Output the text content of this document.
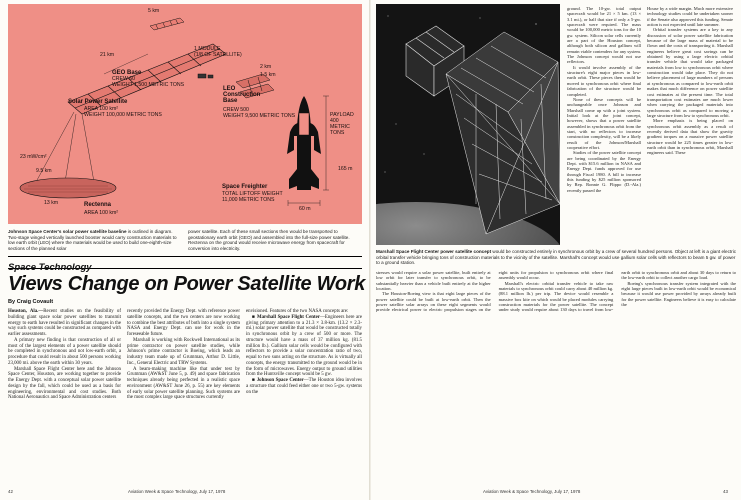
5 km
21 km
1 MODULE
(1/8 OF SATELLITE)
GEO Base
CREW 60
WEIGHT 1,500 METRIC TONS
2 km
1.5 km
LEO
Construction
Base
CREW 500
WEIGHT 9,500 METRIC TONS
Solar Power Satellite
AREA 100 km²
WEIGHT 100,000 METRIC TONS	PAYLOAD
400
METRIC
TONS
165 m
60 m
Space Freighter
TOTAL LIFTOFF WEIGHT
11,000 METRIC TONS
23 mW/cm²
9.5 km
13 km	Rectenna
AREA 100 km²
Johnson Space Center's solar power satellite baseline is outlined in diagram. Two-stage winged vertically launched booster would carry construction materials to low earth orbit (LEO) where the materials would be used to build one-eighth-size sections of the planned solar
power satellite. Each of these small sections then would be transported to geostationary earth orbit (GEO) and assembled into the full-size power satellite. Rectenna on the ground would receive microwave energy from spacecraft for conversion into electricity.
Space Technology
Views Change on Power Satellite Work
By Craig Covault

Houston, Ala.—Recent studies on the feasibility of building giant space solar power satellites to transmit energy to earth have resulted in significant changes in the way such systems could be constructed as compared with earlier assessments.

A primary new finding is that construction of all or most of the largest elements of a power satellite should be completed in synchronous and not low-earth orbit, a procedure that could result in about 500 persons working 23,000 mi. above the earth within 30 years.

Marshall Space Flight Center here and the Johnson Space Center, Houston, are working together to provide the Energy Dept. with a conceptual solar power satellite design by the fall, which could be used as a basis for engineering, environmental and cost studies. Both National Aeronautics and Space Administration centers

recently provided the Energy Dept. with reference power satellite concepts, and the two centers are now working to combine the best attributes of both into a single system NASA and Energy Dept. can use for work in the foreseeable future.

Marshall is working with Rockwell International as its prime contractor on power satellite studies, while Johnson's prime contractor is Boeing, which leads an industry team made up of Grumman, Arthur D. Little, Inc., General Electric and TRW Systems.

A beam-making machine like that under test by Grumman (AW&ST June 5, p. 49) and space fabrication techniques already being perfected in a realistic space environment (AW&ST June 26, p. 55) are key elements of early solar power satellite planning. Such systems are the most complex large space structures currently

envisioned. Features of the two NASA concepts are:

■ Marshall Space Flight Center—Engineers here are giving primary attention to a 21.3 × 3.8-km. (13.2 × 2.3-mi.) solar power satellite that would be constructed totally in synchronous orbit by a crew of 500 or more. The structure would have a mass of 37 million kg. (81.5 million lb.). Gallium solar cells would be configured with reflectors to provide a solar concentration ratio of two, equal to two suns acting on the structure. As is virtually all concepts, the energy transmitted to the ground would be in the form of microwaves. Energy output to ground utilities from the Huntsville concept would be 5 gw.

■ Johnson Space Center—The Houston idea involves a structure that could feed either one or two 5-gw. systems on the

42	Aviation Week & Space Technology, July 17, 1978
Marshall Space Flight Center power satellite concept would be constructed entirely in synchronous orbit by a crew of several hundred persons. Object at left is a giant electric orbital transfer vehicle bringing tons of construction materials to the vicinity of the satellite. Marshall's concept would use gallium solar cells with reflectors to beam 5 gw. of power to a ground station.

ground. The 10-gw. total output spacecraft would be 21 × 5 km. (13 × 3.1 mi.), or half that size if only a 5-gw. spacecraft were required. The mass would be 100,000 metric tons for the 10 gw. system. Silicon solar cells currently are a part of the Houston concept, although both silicon and gallium will remain viable contenders for any system. The Johnson concept would not use reflectors.

It would involve assembly of the structure's eight major pieces in low-earth orbit. These pieces then would be moved to synchronous orbit where final fabrication of the structure would be completed.

None of these concepts will be unchangeable once Johnson and Marshall come up with a joint system. Initial look at the joint concept, however, shows that a power satellite assembled in synchronous orbit from the start, with no reflectors to increase construction complexity, will be a likely result of the Johnson/Marshall cooperative effort.

Studies of the power satellite concept are being coordinated by the Energy Dept. with $15.6 million in NASA and Energy Dept. funds approved for use through Fiscal 1980. A bill to increase this funding by $25 million sponsored by Rep. Ronnie G. Flippo (D.-Ala.) recently passed the

House by a wide margin. Much more extensive technology studies could be undertaken sooner if the Senate also approved this funding. Senate action is not expected until late summer.

Orbital transfer systems are a key to any discussion of solar power satellite fabrication because of the large mass of material to be flown and the costs of transporting it. Marshall engineers believe great cost savings can be obtained by using a large electric orbital transfer vehicle that would take packaged materials from low to synchronous orbit where construction would take place. They do not believe placement of large numbers of persons at synchronous as compared to low-earth orbit makes that much difference on power satellite cost estimates at the present time. The total transportation cost estimates are much lower when carrying the packaged materials into synchronous orbit as compared to moving a large structure from low to synchronous orbit.

More emphasis is being placed on synchronous orbit assembly as a result of recently derived data that show the gravity gradient torques on a massive power satellite structure would be 225 times greater in low-earth orbit than in synchronous orbit, Marshall engineers said. These

stresses would require a solar power satellite, built entirely at low orbit for later transfer to synchronous orbit, to be substantially heavier than a vehicle built entirely at the higher location.

The Houston-Boeing view is that eight large pieces of the power satellite could be built at low-earth orbit. Then the power satellite solar arrays on these eight segments would provide electrical power to electric propulsion stages on the eight units for propulsion to synchronous orbit where final assembly would occur.

Marshall's electric orbital transfer vehicle to take raw materials to synchronous orbit could carry about 40 million kg. (88.1 million lb.) per trip. The device would resemble a massive box kite on which would be placed modules carrying construction materials for the power satellite. The concept under study would require about 130 days to travel from low-earth orbit to synchronous orbit and about 30 days to return to the low-earth orbit to collect another cargo load.

Boeing's synchronous transfer system integrated with the eight large pieces built in low-earth orbit would be economical because it would use power provided by arrays already built for the power satellite. Engineers believe it is easy to calculate the

Aviation Week & Space Technology, July 17, 1978	43
